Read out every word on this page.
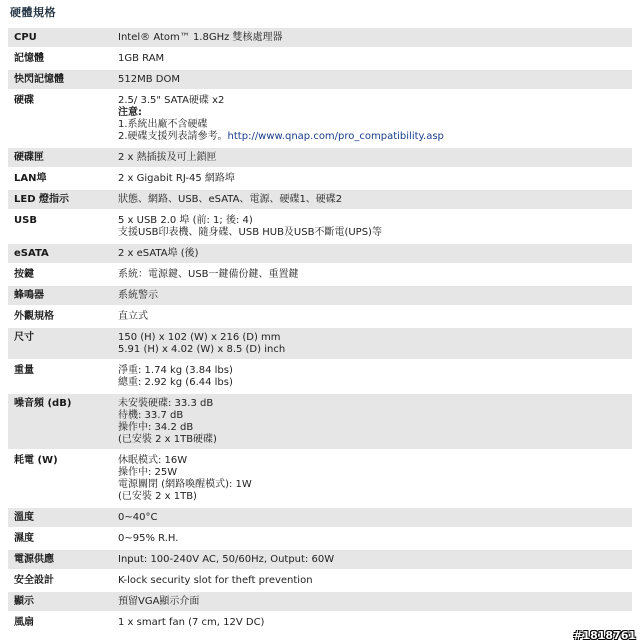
硬體規格
CPU	Intel® Atom™ 1.8GHz 雙核處理器

記憶體	1GB RAM

快閃記憶體	512MB DOM

硬碟	2.5/ 3.5" SATA硬碟 x2
注意:
1.系統出廠不含硬碟
2.硬碟支援列表請參考。http://www.qnap.com/pro_compatibility.asp

硬碟匣	2 x 熱插拔及可上鎖匣

LAN埠	2 x Gigabit RJ-45 網路埠

LED 燈指示	狀態、網路、USB、eSATA、電源、硬碟1、硬碟2

USB	5 x USB 2.0 埠 (前: 1; 後: 4)
支援USB印表機、隨身碟、USB HUB及USB不斷電(UPS)等

eSATA	2 x eSATA埠 (後)

按鍵	系統：電源鍵、USB一鍵備份鍵、重置鍵

蜂鳴器	系統警示

外觀規格	直立式

尺寸	150 (H) x 102 (W) x 216 (D) mm
5.91 (H) x 4.02 (W) x 8.5 (D) inch

重量	淨重: 1.74 kg (3.84 lbs)
總重: 2.92 kg (6.44 lbs)

噪音頻 (dB)	未安裝硬碟: 33.3 dB
待機: 33.7 dB
操作中: 34.2 dB
(已安裝 2 x 1TB硬碟)

耗電 (W)	休眠模式: 16W
操作中: 25W
電源關閉 (網路喚醒模式): 1W
(已安裝 2 x 1TB)

溫度	0~40°C

濕度	0~95% R.H.

電源供應	Input: 100-240V AC, 50/60Hz, Output: 60W

安全設計	K-lock security slot for theft prevention

顯示	預留VGA顯示介面

風扇	1 x smart fan (7 cm, 12V DC)
#1818761
